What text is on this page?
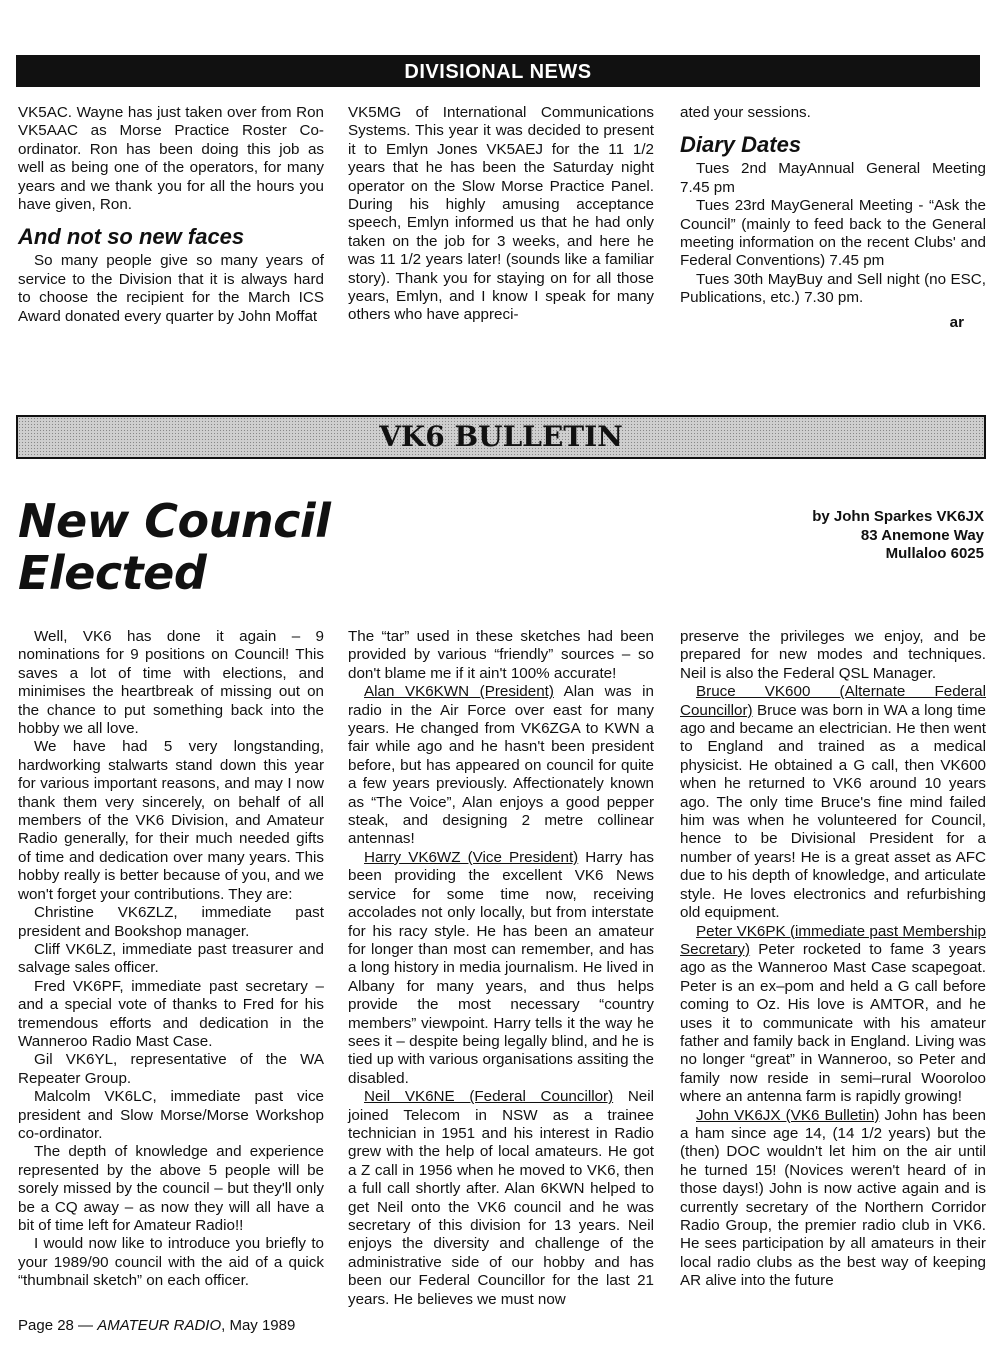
DIVISIONAL NEWS

VK5AC. Wayne has just taken over from Ron VK5AAC as Morse Practice Roster Co-ordinator. Ron has been doing this job as well as being one of the operators, for many years and we thank you for all the hours you have given, Ron.

And not so new faces

So many people give so many years of service to the Division that it is always hard to choose the recipient for the March ICS Award donated every quarter by John Moffat

VK5MG of International Communications Systems. This year it was decided to present it to Emlyn Jones VK5AEJ for the 11 1/2 years that he has been the Saturday night operator on the Slow Morse Practice Panel. During his highly amusing acceptance speech, Emlyn informed us that he had only taken on the job for 3 weeks, and here he was 11 1/2 years later! (sounds like a familiar story). Thank you for staying on for all those years, Emlyn, and I know I speak for many others who have appreci-

ated your sessions.

Diary Dates

Tues 2nd MayAnnual General Meeting 7.45 pm

Tues 23rd MayGeneral Meeting - “Ask the Council” (mainly to feed back to the General meeting information on the recent Clubs' and Federal Conventions) 7.45 pm

Tues 30th MayBuy and Sell night (no ESC, Publications, etc.) 7.30 pm.

ar
VK6 BULLETIN
New Council Elected
by John Sparkes VK6JX
83 Anemone Way
Mullaloo 6025

Well, VK6 has done it again – 9 nominations for 9 positions on Council! This saves a lot of time with elections, and minimises the heartbreak of missing out on the chance to put something back into the hobby we all love.

We have had 5 very longstanding, hardworking stalwarts stand down this year for various important reasons, and may I now thank them very sincerely, on behalf of all members of the VK6 Division, and Amateur Radio generally, for their much needed gifts of time and dedication over many years. This hobby really is better because of you, and we won't forget your contributions. They are:

Christine VK6ZLZ, immediate past president and Bookshop manager.

Cliff VK6LZ, immediate past treasurer and salvage sales officer.

Fred VK6PF, immediate past secretary – and a special vote of thanks to Fred for his tremendous efforts and dedication in the Wanneroo Radio Mast Case.

Gil VK6YL, representative of the WA Repeater Group.

Malcolm VK6LC, immediate past vice president and Slow Morse/Morse Workshop co-ordinator.

The depth of knowledge and experience represented by the above 5 people will be sorely missed by the council – but they'll only be a CQ away – as now they will all have a bit of time left for Amateur Radio!!

I would now like to introduce you briefly to your 1989/90 council with the aid of a quick “thumbnail sketch” on each officer.

The “tar” used in these sketches had been provided by various “friendly” sources – so don't blame me if it ain't 100% accurate!

Alan VK6KWN (President) Alan was in radio in the Air Force over east for many years. He changed from VK6ZGA to KWN a fair while ago and he hasn't been president before, but has appeared on council for quite a few years previously. Affectionately known as “The Voice”, Alan enjoys a good pepper steak, and designing 2 metre collinear antennas!

Harry VK6WZ (Vice President) Harry has been providing the excellent VK6 News service for some time now, receiving accolades not only locally, but from interstate for his racy style. He has been an amateur for longer than most can remember, and has a long history in media journalism. He lived in Albany for many years, and thus helps provide the most necessary “country members” viewpoint. Harry tells it the way he sees it – despite being legally blind, and he is tied up with various organisations assiting the disabled.

Neil VK6NE (Federal Councillor) Neil joined Telecom in NSW as a trainee technician in 1951 and his interest in Radio grew with the help of local amateurs. He got a Z call in 1956 when he moved to VK6, then a full call shortly after. Alan 6KWN helped to get Neil onto the VK6 council and he was secretary of this division for 13 years. Neil enjoys the diversity and challenge of the administrative side of our hobby and has been our Federal Councillor for the last 21 years. He believes we must now

preserve the privileges we enjoy, and be prepared for new modes and techniques. Neil is also the Federal QSL Manager.

Bruce VK600 (Alternate Federal Councillor) Bruce was born in WA a long time ago and became an electrician. He then went to England and trained as a medical physicist. He obtained a G call, then VK600 when he returned to VK6 around 10 years ago. The only time Bruce's fine mind failed him was when he volunteered for Council, hence to be Divisional President for a number of years! He is a great asset as AFC due to his depth of knowledge, and articulate style. He loves electronics and refurbishing old equipment.

Peter VK6PK (immediate past Membership Secretary) Peter rocketed to fame 3 years ago as the Wanneroo Mast Case scapegoat. Peter is an ex–pom and held a G call before coming to Oz. His love is AMTOR, and he uses it to communicate with his amateur father and family back in England. Living was no longer “great” in Wanneroo, so Peter and family now reside in semi–rural Wooroloo where an antenna farm is rapidly growing!

John VK6JX (VK6 Bulletin) John has been a ham since age 14, (14 1/2 years) but the (then) DOC wouldn't let him on the air until he turned 15! (Novices weren't heard of in those days!) John is now active again and is currently secretary of the Northern Corridor Radio Group, the premier radio club in VK6. He sees participation by all amateurs in their local radio clubs as the best way of keeping AR alive into the future

Page 28 — AMATEUR RADIO, May 1989
